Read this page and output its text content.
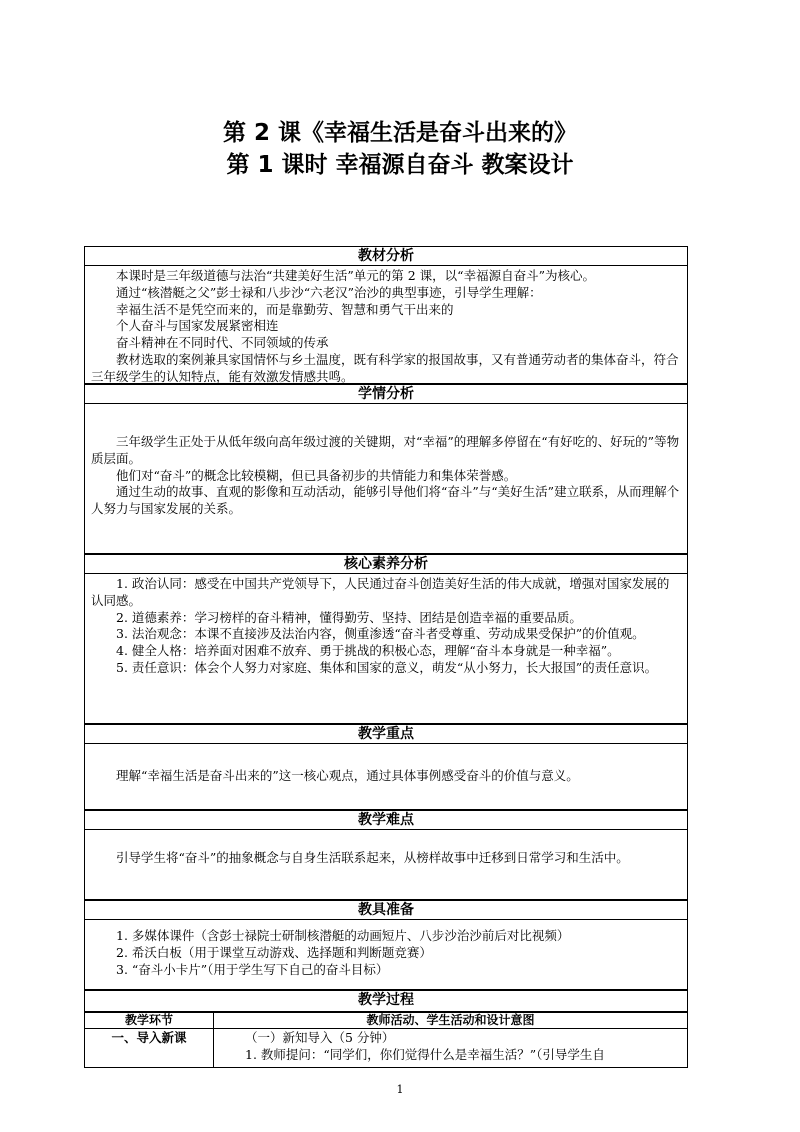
第 2 课《幸福生活是奋斗出来的》
第 1 课时 幸福源自奋斗 教案设计
教材分析

本课时是三年级道德与法治“共建美好生活”单元的第 2 课，以“幸福源自奋斗”为核心。

通过“核潜艇之父”彭士禄和八步沙“六老汉”治沙的典型事迹，引导学生理解：

幸福生活不是凭空而来的，而是靠勤劳、智慧和勇气干出来的

个人奋斗与国家发展紧密相连

奋斗精神在不同时代、不同领域的传承

教材选取的案例兼具家国情怀与乡土温度，既有科学家的报国故事，又有普通劳动者的集体奋斗，符合三年级学生的认知特点，能有效激发情感共鸣。

学情分析

三年级学生正处于从低年级向高年级过渡的关键期，对“幸福”的理解多停留在“有好吃的、好玩的”等物质层面。

他们对“奋斗”的概念比较模糊，但已具备初步的共情能力和集体荣誉感。

通过生动的故事、直观的影像和互动活动，能够引导他们将“奋斗”与“美好生活”建立联系，从而理解个人努力与国家发展的关系。

核心素养分析

1. 政治认同：感受在中国共产党领导下，人民通过奋斗创造美好生活的伟大成就，增强对国家发展的认同感。

2. 道德素养：学习榜样的奋斗精神，懂得勤劳、坚持、团结是创造幸福的重要品质。

3. 法治观念：本课不直接涉及法治内容，侧重渗透“奋斗者受尊重、劳动成果受保护”的价值观。

4. 健全人格：培养面对困难不放弃、勇于挑战的积极心态，理解“奋斗本身就是一种幸福”。

5. 责任意识：体会个人努力对家庭、集体和国家的意义，萌发“从小努力，长大报国”的责任意识。

教学重点

理解“幸福生活是奋斗出来的”这一核心观点，通过具体事例感受奋斗的价值与意义。

教学难点

引导学生将“奋斗”的抽象概念与自身生活联系起来，从榜样故事中迁移到日常学习和生活中。

教具准备

1. 多媒体课件（含彭士禄院士研制核潜艇的动画短片、八步沙治沙前后对比视频）

2. 希沃白板（用于课堂互动游戏、选择题和判断题竞赛）

3. “奋斗小卡片”（用于学生写下自己的奋斗目标）

教学过程
教学环节	教师活动、学生活动和设计意图
一、导入新课	（一）新知导入（5 分钟）

1. 教师提问：“同学们，你们觉得什么是幸福生活？”（引导学生自

1
